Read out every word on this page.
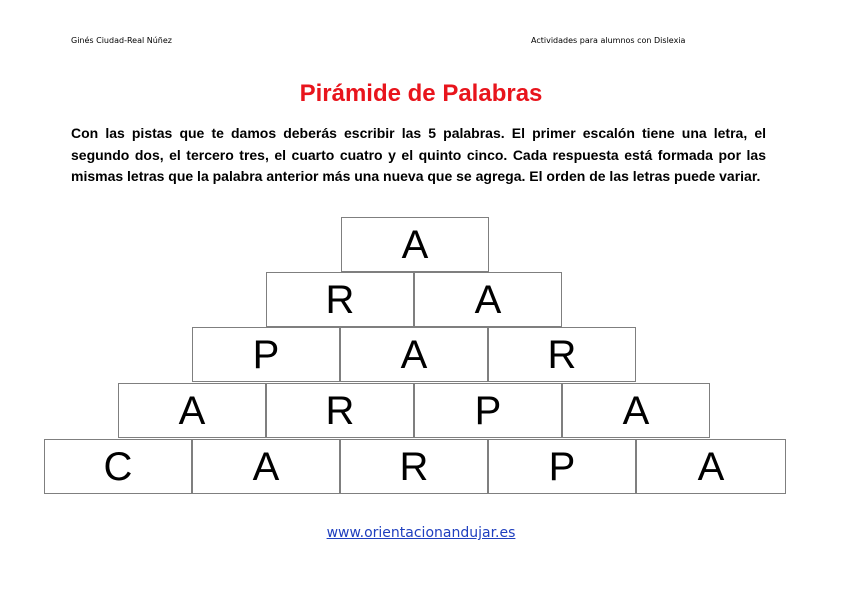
Ginés Ciudad-Real Núñez	Actividades para alumnos con Dislexia
Pirámide de Palabras

Con las pistas que te damos deberás escribir las 5 palabras. El primer escalón tiene una letra, el segundo dos, el tercero tres, el cuarto cuatro y el quinto cinco. Cada respuesta está formada por las mismas letras que la palabra anterior más una nueva que se agrega. El orden de las letras puede variar.

A
R	A
P	A	R
A	R	P	A
C	A	R	P	A
www.orientacionandujar.es
